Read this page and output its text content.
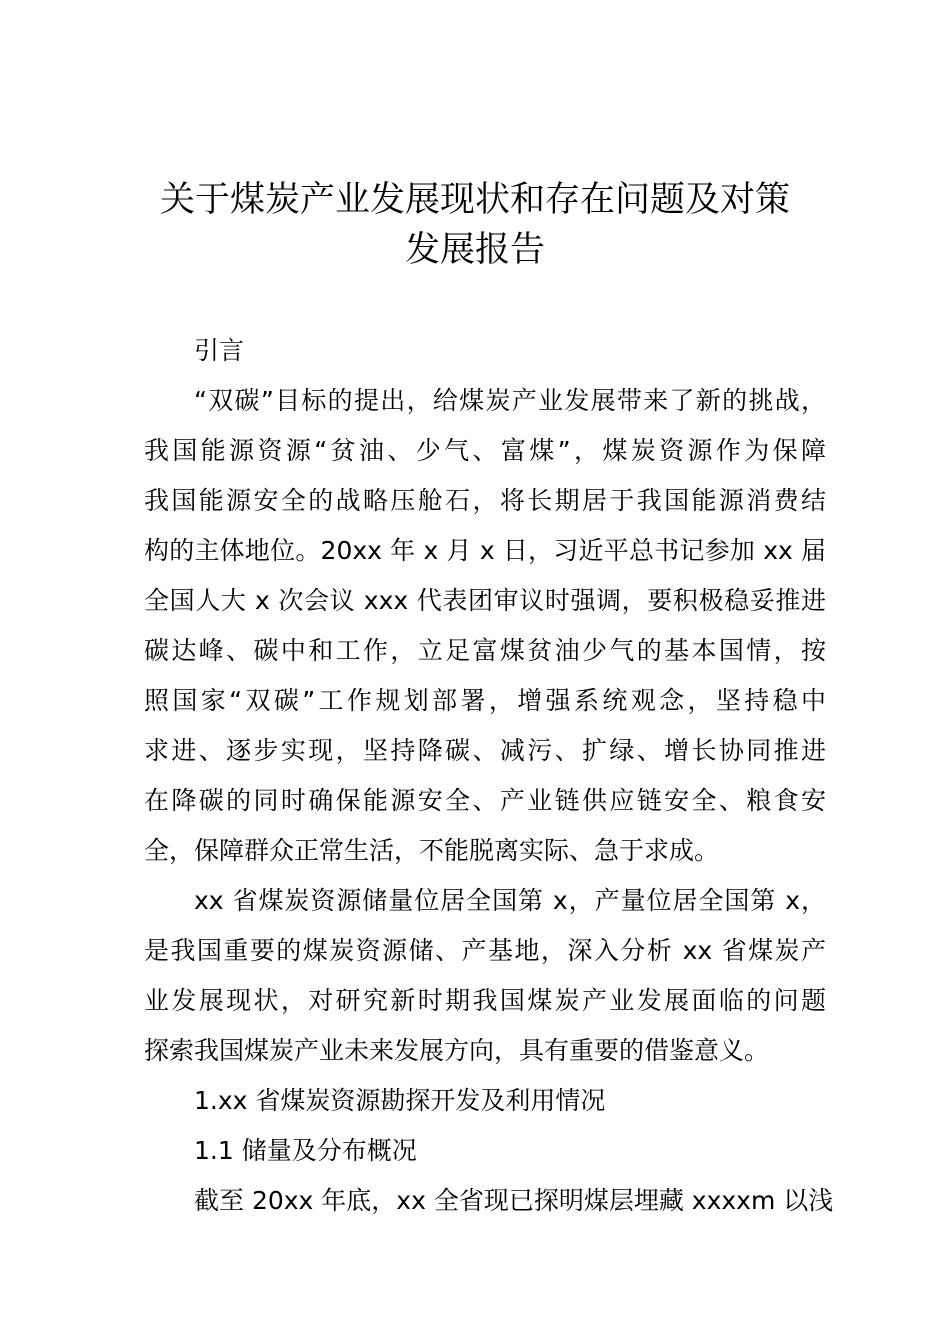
关于煤炭产业发展现状和存在问题及对策
发展报告
引言
“双碳”目标的提出，给煤炭产业发展带来了新的挑战，
我国能源资源“贫油、少气、富煤”，煤炭资源作为保障
我国能源安全的战略压舱石，将长期居于我国能源消费结
构的主体地位。20xx 年 x 月 x 日，习近平总书记参加 xx 届
全国人大 x 次会议 xxx 代表团审议时强调，要积极稳妥推进
碳达峰、碳中和工作，立足富煤贫油少气的基本国情，按
照国家“双碳”工作规划部署，增强系统观念，坚持稳中
求进、逐步实现，坚持降碳、减污、扩绿、增长协同推进
在降碳的同时确保能源安全、产业链供应链安全、粮食安
全，保障群众正常生活，不能脱离实际、急于求成。
xx 省煤炭资源储量位居全国第 x，产量位居全国第 x，
是我国重要的煤炭资源储、产基地，深入分析 xx 省煤炭产
业发展现状，对研究新时期我国煤炭产业发展面临的问题
探索我国煤炭产业未来发展方向，具有重要的借鉴意义。
1.xx 省煤炭资源勘探开发及利用情况
1.1 储量及分布概况
截至 20xx 年底，xx 全省现已探明煤层埋藏 xxxxm 以浅
